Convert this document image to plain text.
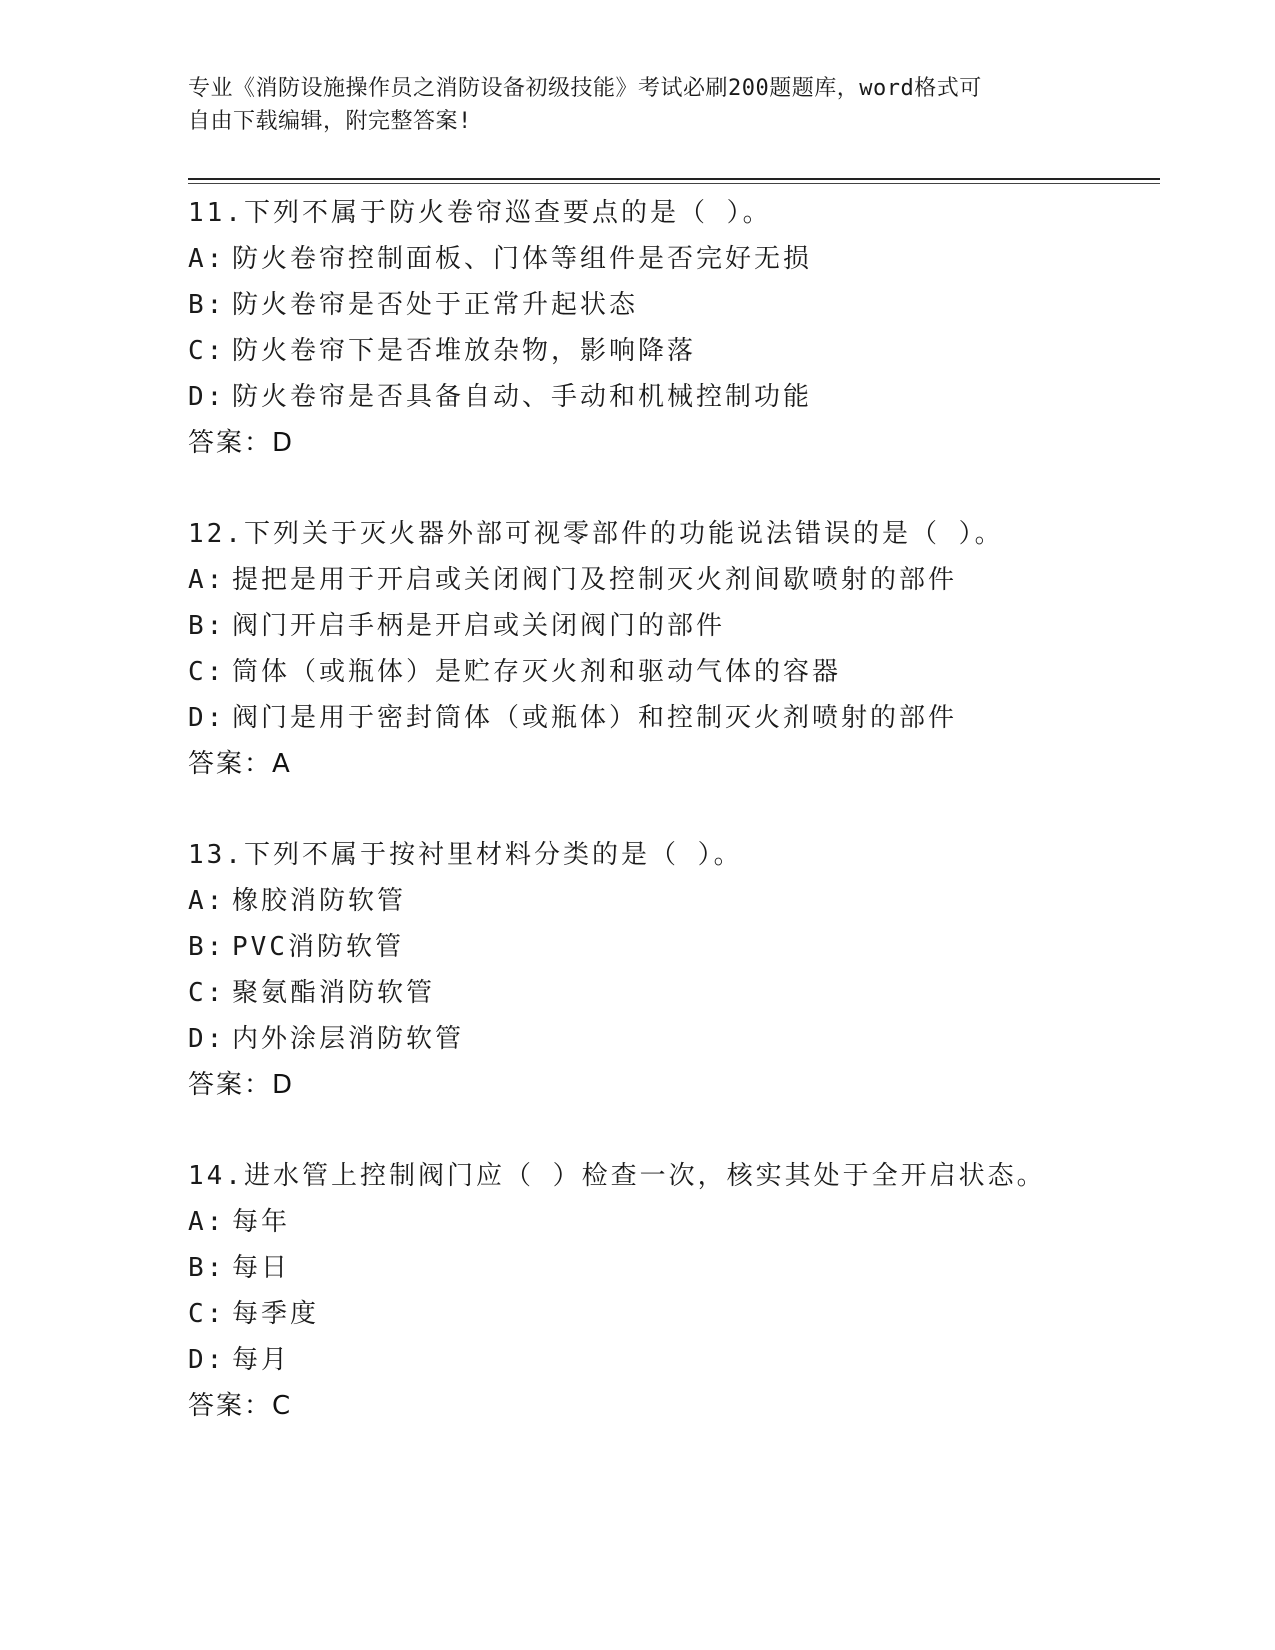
专业《消防设施操作员之消防设备初级技能》考试必刷200题题库，word格式可
自由下载编辑，附完整答案!
11.下列不属于防火卷帘巡查要点的是（ ）。
A: 防火卷帘控制面板、门体等组件是否完好无损
B: 防火卷帘是否处于正常升起状态
C: 防火卷帘下是否堆放杂物，影响降落
D: 防火卷帘是否具备自动、手动和机械控制功能
答案：D
12.下列关于灭火器外部可视零部件的功能说法错误的是（ ）。
A: 提把是用于开启或关闭阀门及控制灭火剂间歇喷射的部件
B: 阀门开启手柄是开启或关闭阀门的部件
C: 筒体（或瓶体）是贮存灭火剂和驱动气体的容器
D: 阀门是用于密封筒体（或瓶体）和控制灭火剂喷射的部件
答案：A
13.下列不属于按衬里材料分类的是（ ）。
A: 橡胶消防软管
B: PVC消防软管
C: 聚氨酯消防软管
D: 内外涂层消防软管
答案：D
14.进水管上控制阀门应（ ）检查一次，核实其处于全开启状态。
A: 每年
B: 每日
C: 每季度
D: 每月
答案：C
